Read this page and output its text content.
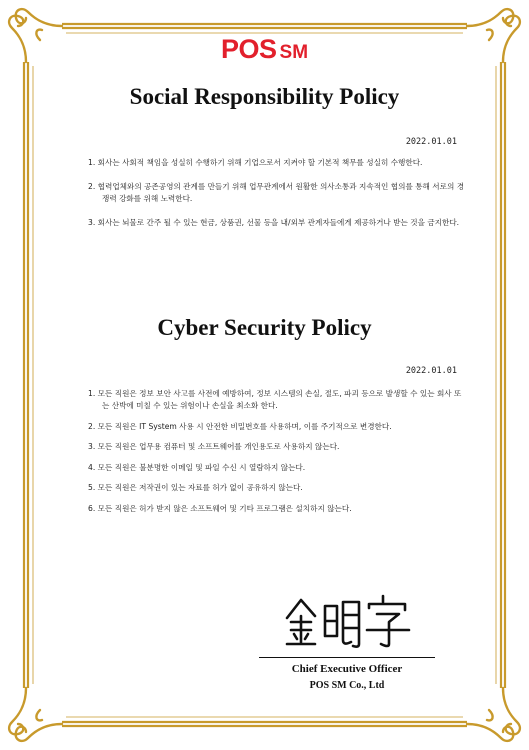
POS SM
Social Responsibility Policy
2022.01.01
1. 회사는 사회적 책임을 성실히 수행하기 위해 기업으로서 지켜야 할 기본적 책무를 성실히 수행한다.
2. 협력업체와의 공존공영의 관계를 만들기 위해 업무관계에서 원활한 의사소통과 지속적인 협의를 통해 서로의 경쟁력 강화를 위해 노력한다.
3. 회사는 뇌물로 간주 될 수 있는 현금, 상품권, 선물 등을 내/외부 관계자들에게 제공하거나 받는 것을 금지한다.
Cyber Security Policy
2022.01.01
1. 모든 직원은 정보 보안 사고를 사전에 예방하여, 정보 시스템의 손실, 절도, 파괴 등으로 발생할 수 있는 회사 또는 산박에 미칠 수 있는 위험이나 손실을 최소화 한다.
2. 모든 직원은 IT System 사용 시 안전한 비밀번호를 사용하며, 이를 주기적으로 변경한다.
3. 모든 직원은 업무용 컴퓨터 및 소프트웨어를 개인용도로 사용하지 않는다.
4. 모든 직원은 불분명한 이메일 및 파일 수신 시 열람하지 않는다.
5. 모든 직원은 저작권이 있는 자료를 허가 없이 공유하지 않는다.
6. 모든 직원은 허가 받지 않은 소프트웨어 및 기타 프로그램은 설치하지 않는다.
Chief Executive Officer
POS SM Co., Ltd
